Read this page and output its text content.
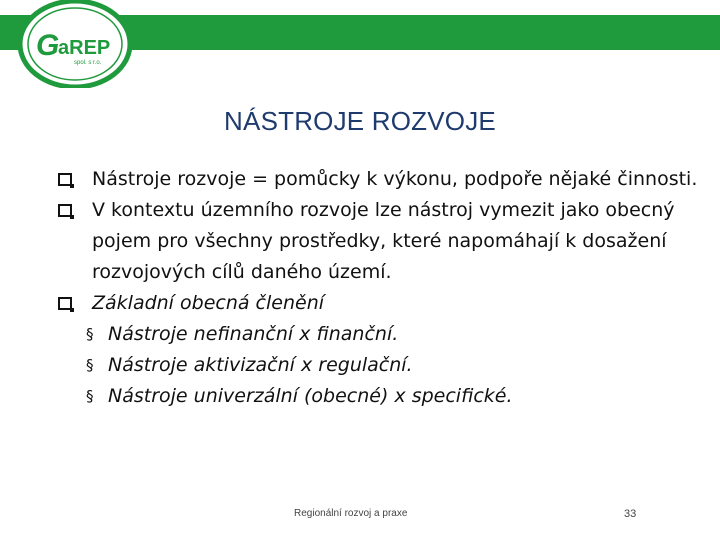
G
aREP
spol. s r.o.
NÁSTROJE ROZVOJE
Nástroje rozvoje = pomůcky k výkonu, podpoře nějaké činnosti.
V kontextu územního rozvoje lze nástroj vymezit jako obecný pojem pro všechny prostředky, které napomáhají k dosažení rozvojových cílů daného území.
Základní obecná členění
§ Nástroje nefinanční x finanční.
§ Nástroje aktivizační x regulační.
§ Nástroje univerzální (obecné) x specifické.
Regionální rozvoj a praxe	33
